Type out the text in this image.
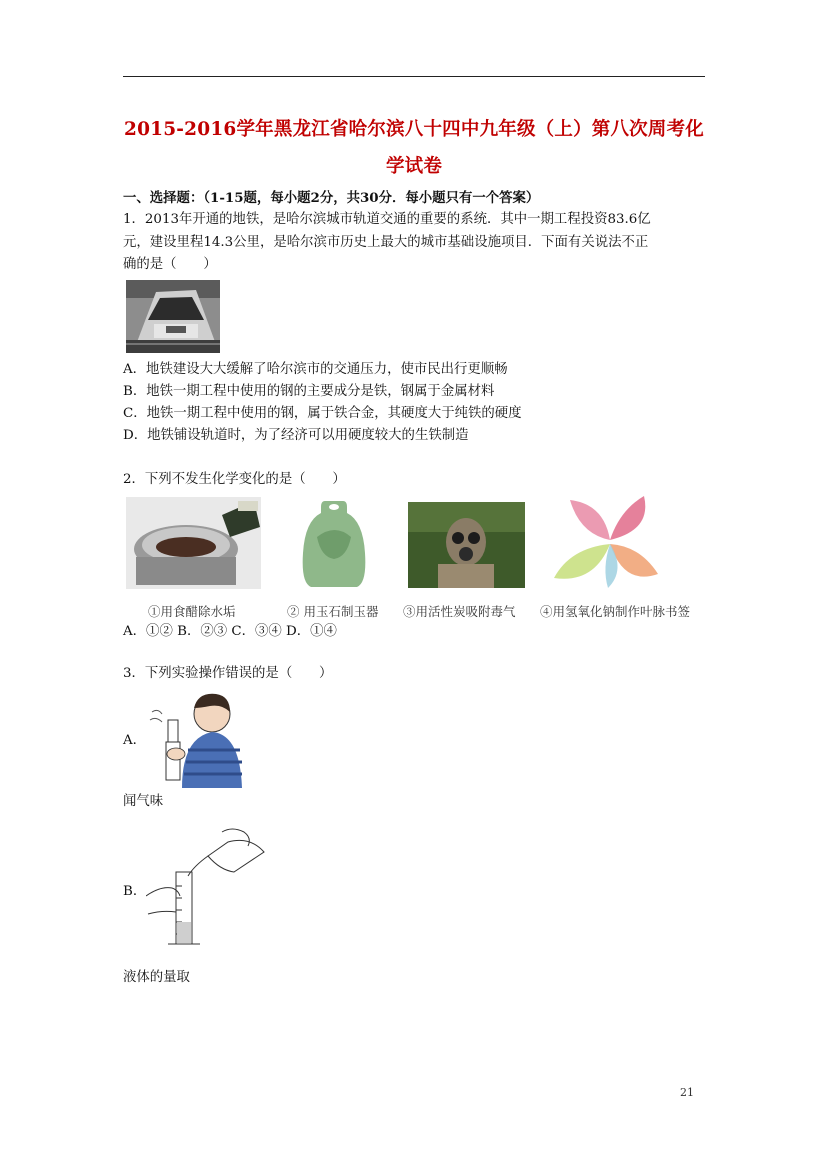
2015-2016学年黑龙江省哈尔滨八十四中九年级（上）第八次周考化
学试卷
一、选择题：（1-15题，每小题2分，共30分．每小题只有一个答案）
1．2013年开通的地铁，是哈尔滨城市轨道交通的重要的系统．其中一期工程投资83.6亿
元，建设里程14.3公里，是哈尔滨市历史上最大的城市基础设施项目．下面有关说法不正
确的是（　　）
A．地铁建设大大缓解了哈尔滨市的交通压力，使市民出行更顺畅
B．地铁一期工程中使用的钢的主要成分是铁，钢属于金属材料
C．地铁一期工程中使用的钢，属于铁合金，其硬度大于纯铁的硬度
D．地铁铺设轨道时，为了经济可以用硬度较大的生铁制造
2．下列不发生化学变化的是（　　）
①用食醋除水垢	② 用玉石制玉器 ③用活性炭吸附毒气 ④用氢氧化钠制作叶脉书签
A．①② B．②③ C．③④ D．①④
3．下列实验操作错误的是（　　）
A．
闻气味
B．
液体的量取
21
